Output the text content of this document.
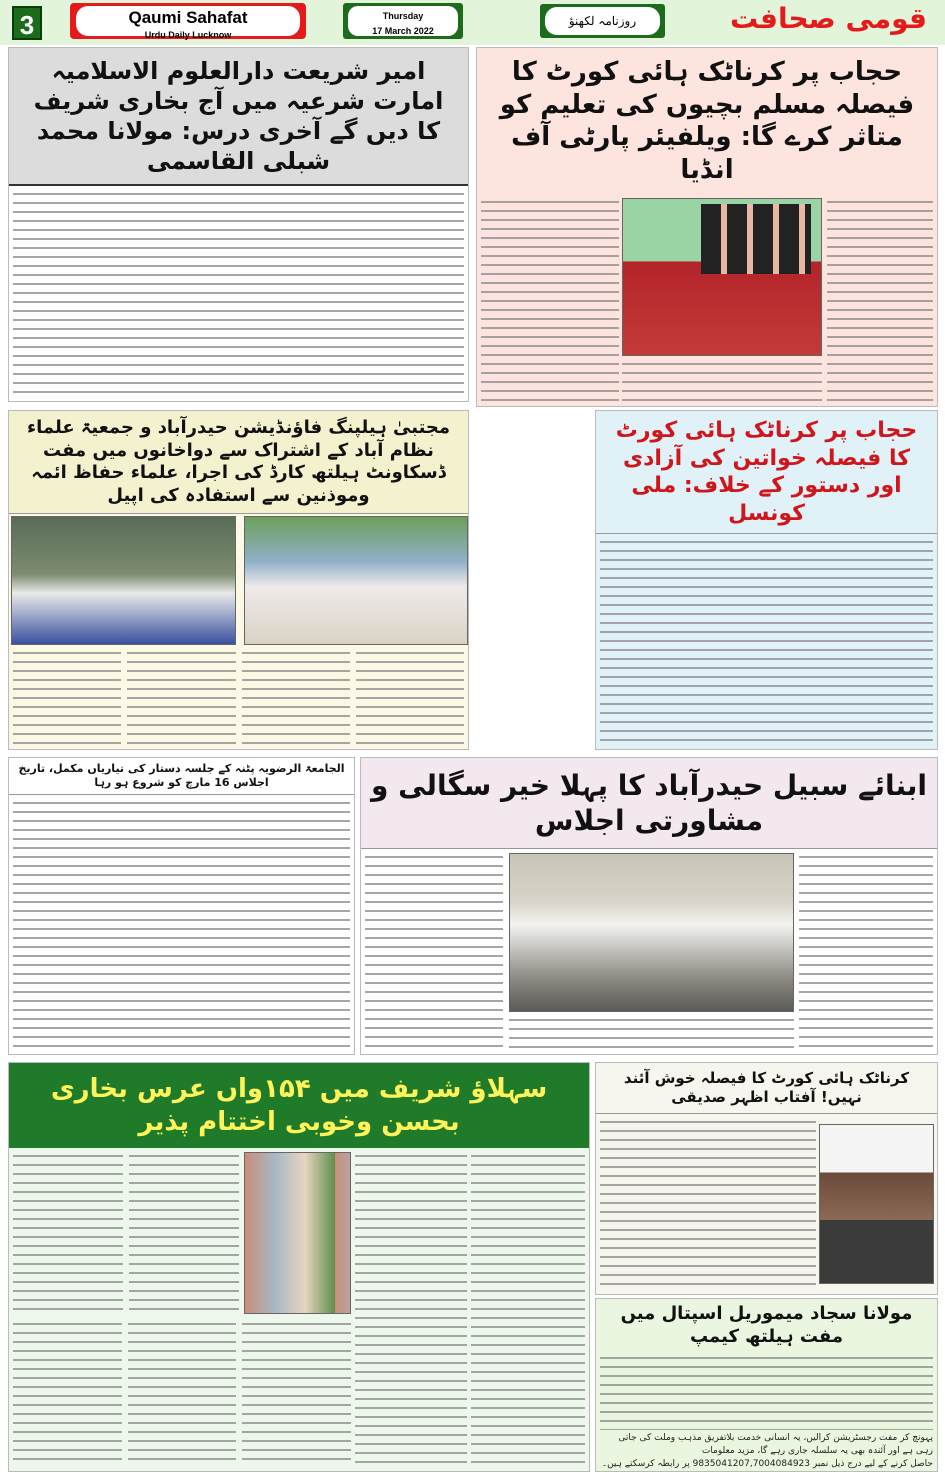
3	Qaumi Sahafat
Urdu Daily Lucknow
Thursday
17 March 2022
روزنامہ لکھنؤ	قومی صحافت
امیر شریعت دارالعلوم الاسلامیہ امارت شرعیہ میں آج بخاری شریف کا دیں گے آخری درس: مولانا محمد شبلی القاسمی
حجاب پر کرناٹک ہائی کورٹ کا فیصلہ مسلم بچیوں کی تعلیم کو متاثر کرے گا: ویلفیئر پارٹی آف انڈیا
مجتبیٰ ہیلپنگ فاؤنڈیشن حیدرآباد و جمعیۃ علماء نظام آباد کے اشتراک سے دواخانوں میں مفت ڈسکاونٹ ہیلتھ کارڈ کی اجرا، علماء حفاظ ائمہ وموذنین سے استفادہ کی اپیل
حجاب پر کرناٹک ہائی کورٹ کا فیصلہ خواتین کی آزادی اور دستور کے خلاف: ملی کونسل
ابنائے سبیل حیدرآباد کا پہلا خیر سگالی و مشاورتی اجلاس
الجامعۃ الرضویہ پٹنہ کے جلسہ دستار کی تیاریاں مکمل، تاریخ اجلاس 16 مارچ کو شروع ہو رہا
سہلاؤ شریف میں ۱۵۴واں عرس بخاری بحسن وخوبی اختتام پذیر
کرناٹک ہائی کورٹ کا فیصلہ خوش آئند نہیں! آفتاب اظہر صدیقی
مولانا سجاد میموریل اسپتال میں مفت ہیلتھ کیمپ
پہونچ کر مفت رجسٹریشن کرالیں، یہ انسانی خدمت بلاتفریق مذہب وملت کی جاتی رہی ہے اور آئندہ بھی یہ سلسلہ جاری رہے گا، مزید معلومات
حاصل کرنے کے لیے درج ذیل نمبر 9835041207,7004084923 پر رابطہ کرسکتے ہیں۔
